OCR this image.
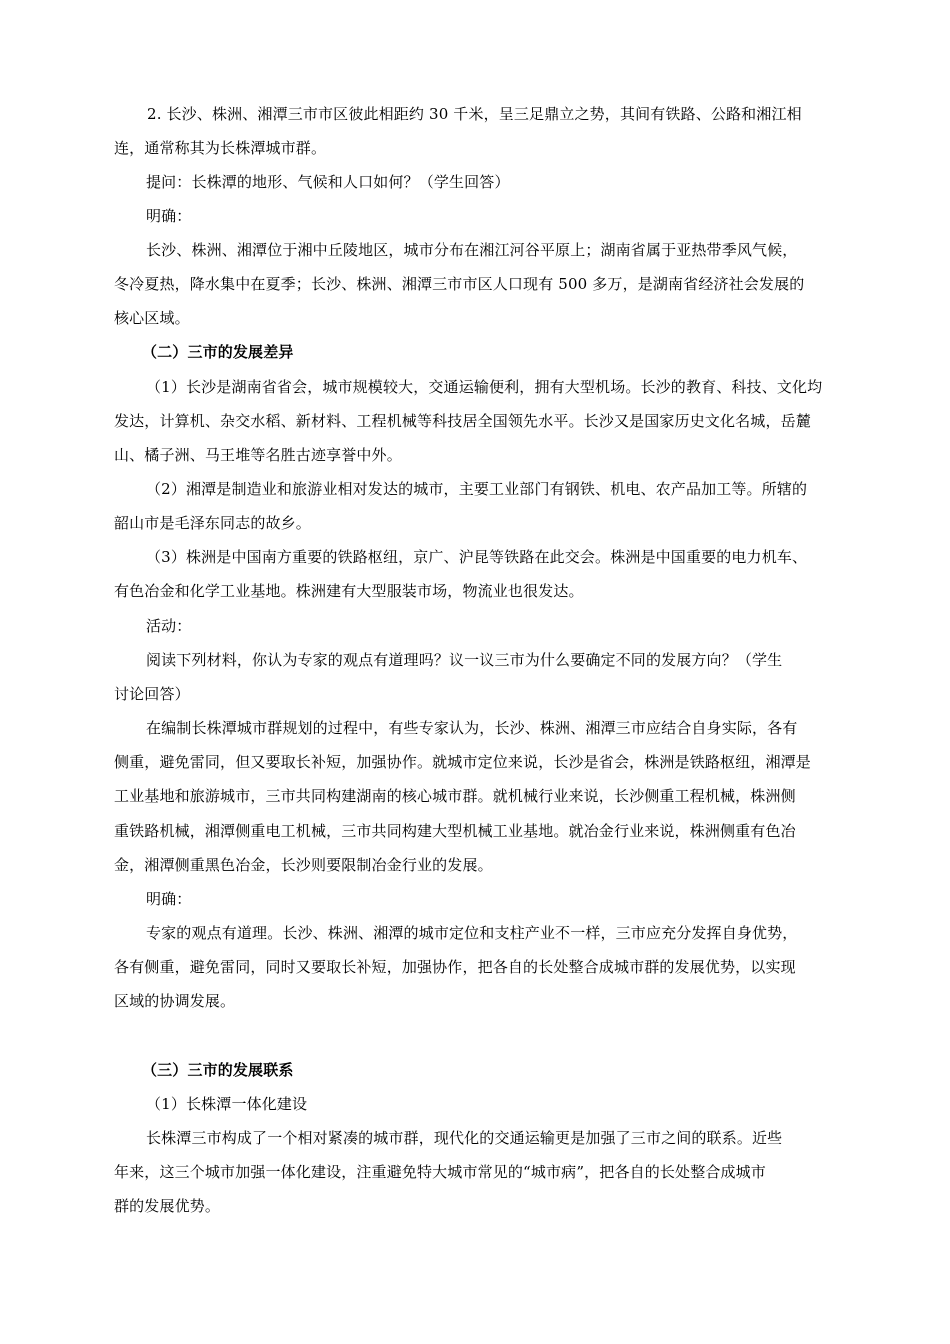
2. 长沙、株洲、湘潭三市市区彼此相距约 30 千米，呈三足鼎立之势，其间有铁路、公路和湘江相
连，通常称其为长株潭城市群。
提问：长株潭的地形、气候和人口如何？（学生回答）
明确：
长沙、株洲、湘潭位于湘中丘陵地区，城市分布在湘江河谷平原上；湖南省属于亚热带季风气候，
冬冷夏热，降水集中在夏季；长沙、株洲、湘潭三市市区人口现有 500 多万，是湖南省经济社会发展的
核心区域。
（二）三市的发展差异
（1）长沙是湖南省省会，城市规模较大，交通运输便利，拥有大型机场。长沙的教育、科技、文化均
发达，计算机、杂交水稻、新材料、工程机械等科技居全国领先水平。长沙又是国家历史文化名城，岳麓
山、橘子洲、马王堆等名胜古迹享誉中外。
（2）湘潭是制造业和旅游业相对发达的城市，主要工业部门有钢铁、机电、农产品加工等。所辖的
韶山市是毛泽东同志的故乡。
（3）株洲是中国南方重要的铁路枢纽，京广、沪昆等铁路在此交会。株洲是中国重要的电力机车、
有色冶金和化学工业基地。株洲建有大型服装市场，物流业也很发达。
活动：
阅读下列材料，你认为专家的观点有道理吗？议一议三市为什么要确定不同的发展方向？（学生
讨论回答）
在编制长株潭城市群规划的过程中，有些专家认为，长沙、株洲、湘潭三市应结合自身实际，各有
侧重，避免雷同，但又要取长补短，加强协作。就城市定位来说，长沙是省会，株洲是铁路枢纽，湘潭是
工业基地和旅游城市，三市共同构建湖南的核心城市群。就机械行业来说，长沙侧重工程机械，株洲侧
重铁路机械，湘潭侧重电工机械，三市共同构建大型机械工业基地。就冶金行业来说，株洲侧重有色冶
金，湘潭侧重黑色冶金，长沙则要限制冶金行业的发展。
明确：
专家的观点有道理。长沙、株洲、湘潭的城市定位和支柱产业不一样，三市应充分发挥自身优势，
各有侧重，避免雷同，同时又要取长补短，加强协作，把各自的长处整合成城市群的发展优势，以实现
区域的协调发展。
（三）三市的发展联系
（1）长株潭一体化建设
长株潭三市构成了一个相对紧凑的城市群，现代化的交通运输更是加强了三市之间的联系。近些
年来，这三个城市加强一体化建设，注重避免特大城市常见的“城市病”，把各自的长处整合成城市
群的发展优势。
